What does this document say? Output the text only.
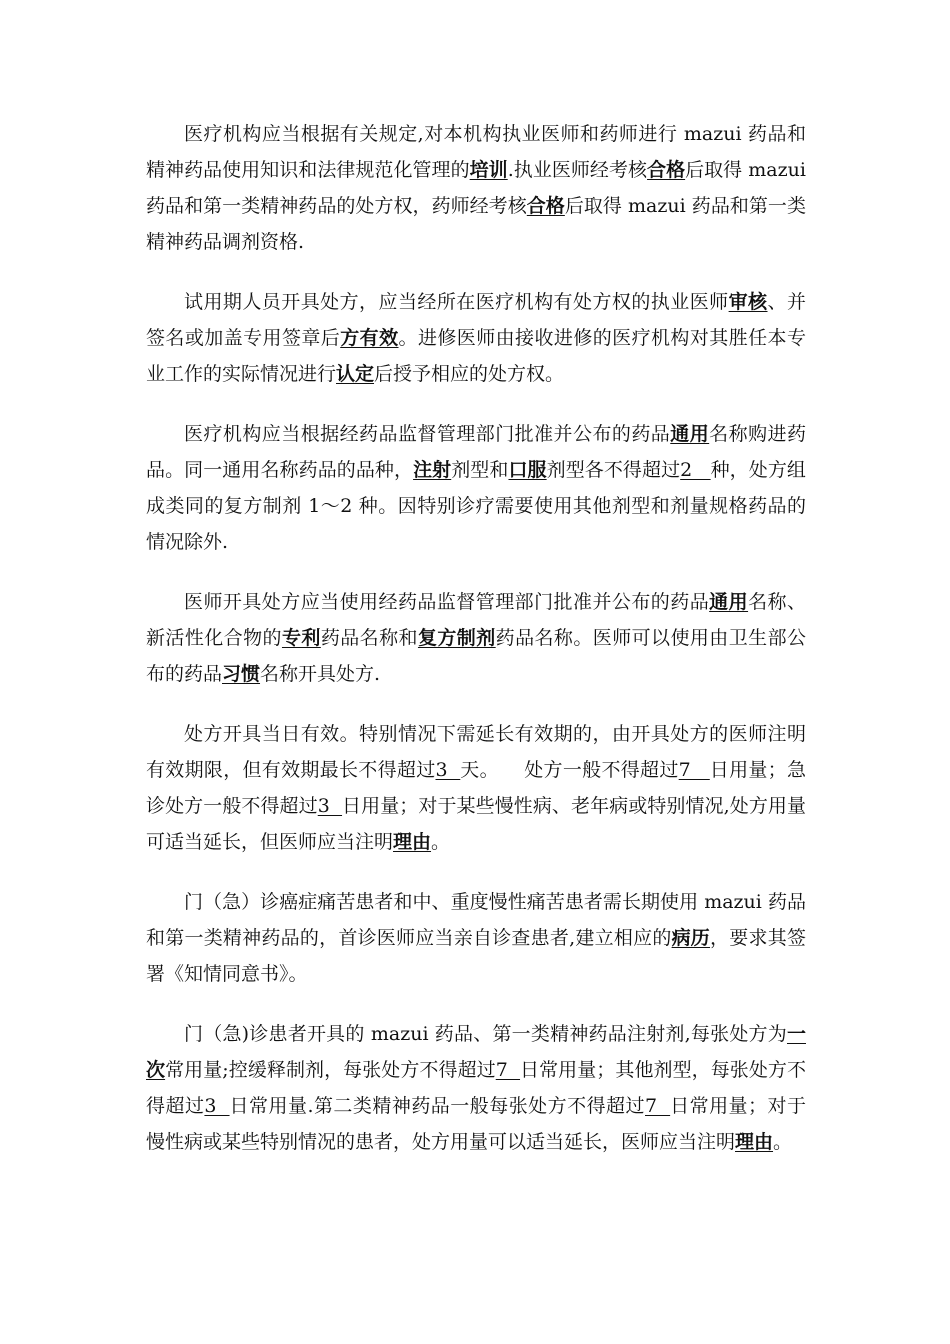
医疗机构应当根据有关规定,对本机构执业医师和药师进行 mazui 药品和精神药品使用知识和法律规范化管理的培训.执业医师经考核合格后取得 mazui 药品和第一类精神药品的处方权，药师经考核合格后取得 mazui 药品和第一类精神药品调剂资格.

试用期人员开具处方，应当经所在医疗机构有处方权的执业医师审核、并签名或加盖专用签章后方有效。进修医师由接收进修的医疗机构对其胜任本专业工作的实际情况进行认定后授予相应的处方权。

医疗机构应当根据经药品监督管理部门批准并公布的药品通用名称购进药品。同一通用名称药品的品种，注射剂型和口服剂型各不得超过2   种，处方组成类同的复方制剂 1～2 种。因特别诊疗需要使用其他剂型和剂量规格药品的情况除外.

医师开具处方应当使用经药品监督管理部门批准并公布的药品通用名称、新活性化合物的专利药品名称和复方制剂药品名称。医师可以使用由卫生部公布的药品习惯名称开具处方.

处方开具当日有效。特别情况下需延长有效期的，由开具处方的医师注明有效期限，但有效期最长不得超过3  天。    处方一般不得超过7   日用量；急诊处方一般不得超过3  日用量；对于某些慢性病、老年病或特别情况,处方用量可适当延长，但医师应当注明理由。

门（急）诊癌症痛苦患者和中、重度慢性痛苦患者需长期使用 mazui 药品和第一类精神药品的，首诊医师应当亲自诊查患者,建立相应的病历，要求其签署《知情同意书》。

门（急)诊患者开具的 mazui 药品、第一类精神药品注射剂,每张处方为一次常用量;控缓释制剂，每张处方不得超过7  日常用量；其他剂型，每张处方不得超过3  日常用量.第二类精神药品一般每张处方不得超过7  日常用量；对于慢性病或某些特别情况的患者，处方用量可以适当延长，医师应当注明理由。
